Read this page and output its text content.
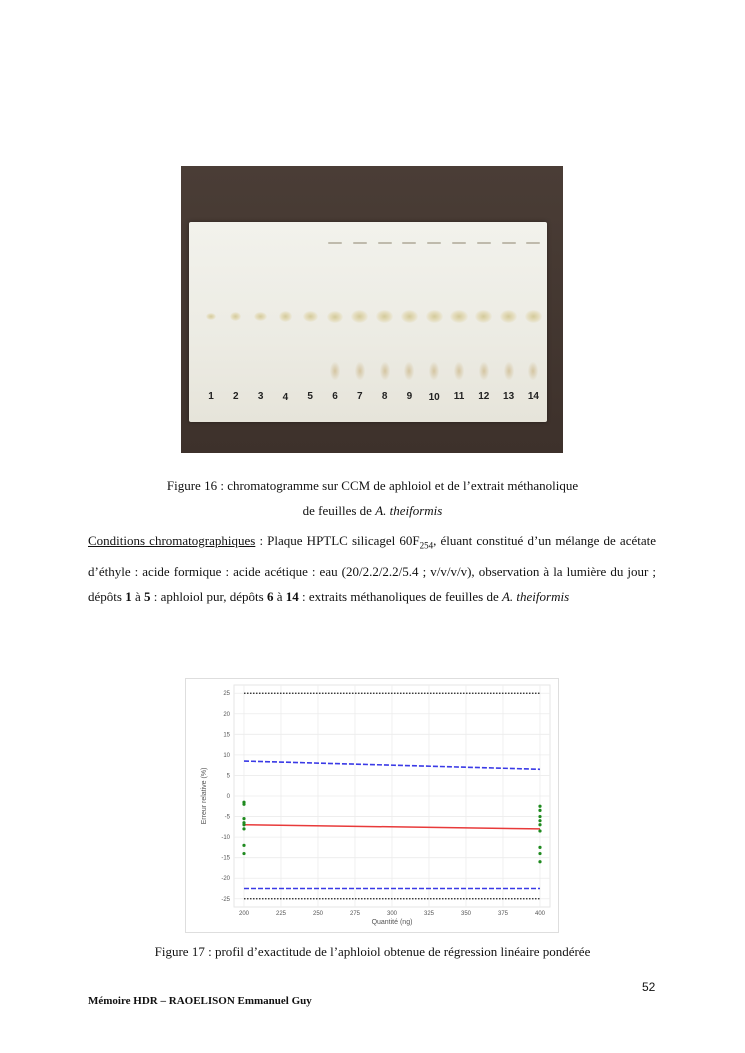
1	2	3	4	5	6	7	8	9	10	11	12	13	14
Figure 16 : chromatogramme sur CCM de aphloiol et de l’extrait méthanolique
de feuilles de A. theiformis
Conditions chromatographiques : Plaque HPTLC silicagel $60F_{254}$, éluant constitué d’un mélange de acétate d’éthyle : acide formique : acide acétique : eau (20/2.2/2.2/5.4 ; v/v/v/v), observation à la lumière du jour ; dépôts 1 à 5 : aphloiol pur, dépôts 6 à 14 : extraits méthanoliques de feuilles de A. theiformis
25
20
15
10
5
0
-5
-10
-15
-20
-25
200	225	250	275	300	325	350	375	400
Quantité (ng)
Erreur relative (%)
Figure 17 : profil d’exactitude de l’aphloiol obtenue de régression linéaire pondérée
52
Mémoire HDR – RAOELISON Emmanuel Guy
